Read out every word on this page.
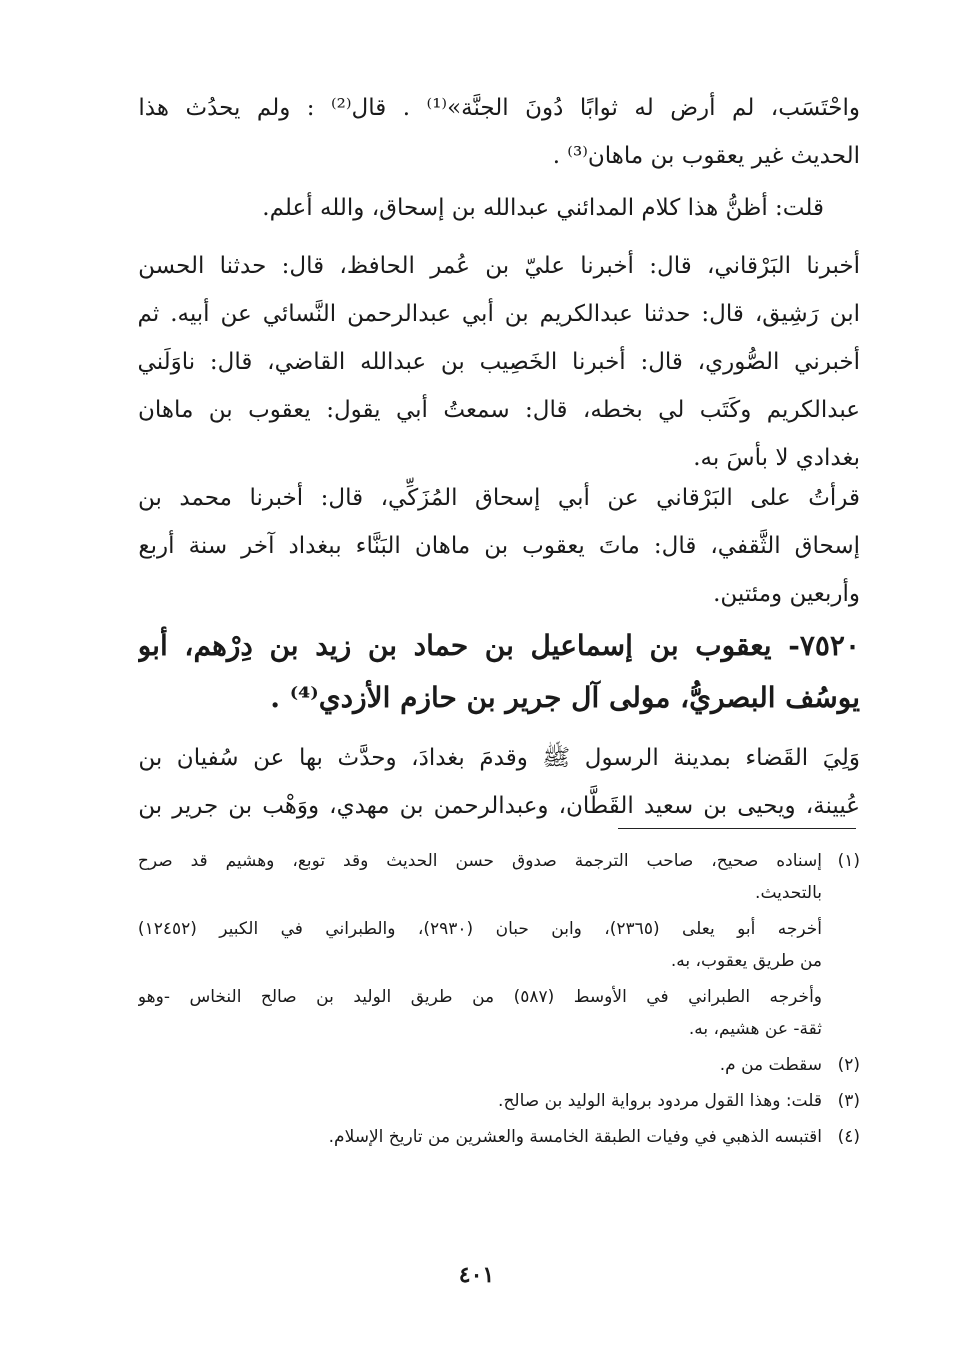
واحْتَسَب، لم أرض له ثوابًا دُونَ الجنَّة»⁽¹⁾ . قال⁽²⁾ : ولم يحدُث هذا
الحديث غير يعقوب بن ماهان⁽³⁾ .
قلت: أظنُّ هذا كلام المدائني عبدالله بن إسحاق، والله أعلم.
أخبرنا البَرْقاني، قال: أخبرنا عليّ بن عُمر الحافظ، قال: حدثنا الحسن
ابن رَشِيق، قال: حدثنا عبدالكريم بن أبي عبدالرحمن النَّسائي عن أبيه. ثم
أخبرني الصُّوري، قال: أخبرنا الخَصِيب بن عبدالله القاضي، قال: ناوَلَني
عبدالكريم وكَتَب لي بخطه، قال: سمعتُ أبي يقول: يعقوب بن ماهان
بغدادي لا بأسَ به.
قرأتُ على البَرْقاني عن أبي إسحاق المُزَكِّي، قال: أخبرنا محمد بن
إسحاق الثَّقفي، قال: ماتَ يعقوب بن ماهان البَنَّاء ببغداد آخر سنة أربع
وأربعين ومئتين.
٧٥٢٠- يعقوب بن إسماعيل بن حماد بن زيد بن دِرْهم، أبو
يوسُف البصريُّ، مولى آل جرير بن حازم الأزدي⁽⁴⁾ .
وَلِيَ القَضاء بمدينة الرسول ﷺ وقدمَ بغدادَ، وحدَّث بها عن سُفيان بن
عُيينة، ويحيى بن سعيد القَطَّان، وعبدالرحمن بن مهدي، ووَهْب بن جرير بن
(١)
إسناده صحيح، صاحب الترجمة صدوق حسن الحديث وقد توبع، وهشيم قد صرح
بالتحديث.
أخرجه أبو يعلى (٢٣٦٥)، وابن حبان (٢٩٣٠)، والطبراني في الكبير (١٢٤٥٢)
من طريق يعقوب، به.
وأخرجه الطبراني في الأوسط (٥٨٧) من طريق الوليد بن صالح النخاس -وهو
ثقة- عن هشيم، به.
(٢)
سقطت من م.
(٣)
قلت: وهذا القول مردود برواية الوليد بن صالح.
(٤)
اقتبسه الذهبي في وفيات الطبقة الخامسة والعشرين من تاريخ الإسلام.
٤٠١
